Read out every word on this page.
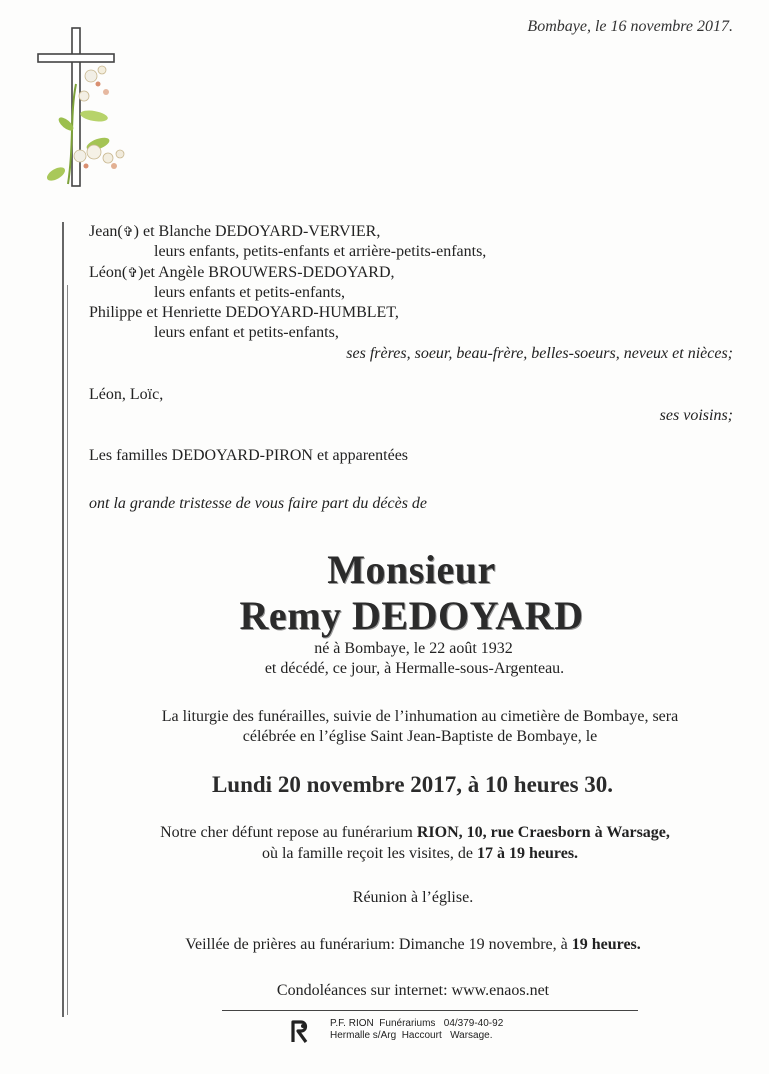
Bombaye, le 16 novembre 2017.
Jean(✞) et Blanche DEDOYARD-VERVIER,
leurs enfants, petits-enfants et arrière-petits-enfants,
Léon(✞)et Angèle BROUWERS-DEDOYARD,
leurs enfants et petits-enfants,
Philippe et Henriette DEDOYARD-HUMBLET,
leurs enfant et petits-enfants,
ses frères, soeur, beau-frère, belles-soeurs, neveux et nièces;
Léon, Loïc,
ses voisins;
Les familles DEDOYARD-PIRON et apparentées
ont la grande tristesse de vous faire part du décès de
Monsieur
Remy DEDOYARD
né à Bombaye, le 22 août 1932
et décédé, ce jour, à Hermalle-sous-Argenteau.
La liturgie des funérailles, suivie de l’inhumation au cimetière de Bombaye, sera
célébrée en l’église Saint Jean-Baptiste de Bombaye, le
Lundi 20 novembre 2017, à 10 heures 30.
Notre cher défunt repose au funérarium RION, 10, rue Craesborn à Warsage,
où la famille reçoit les visites, de 17 à 19 heures.
Réunion à l’église.
Veillée de prières au funérarium: Dimanche 19 novembre, à 19 heures.
Condoléances sur internet: www.enaos.net
P.F. RION Funérariums 04/379-40-92
Hermalle s/Arg Haccourt Warsage.
